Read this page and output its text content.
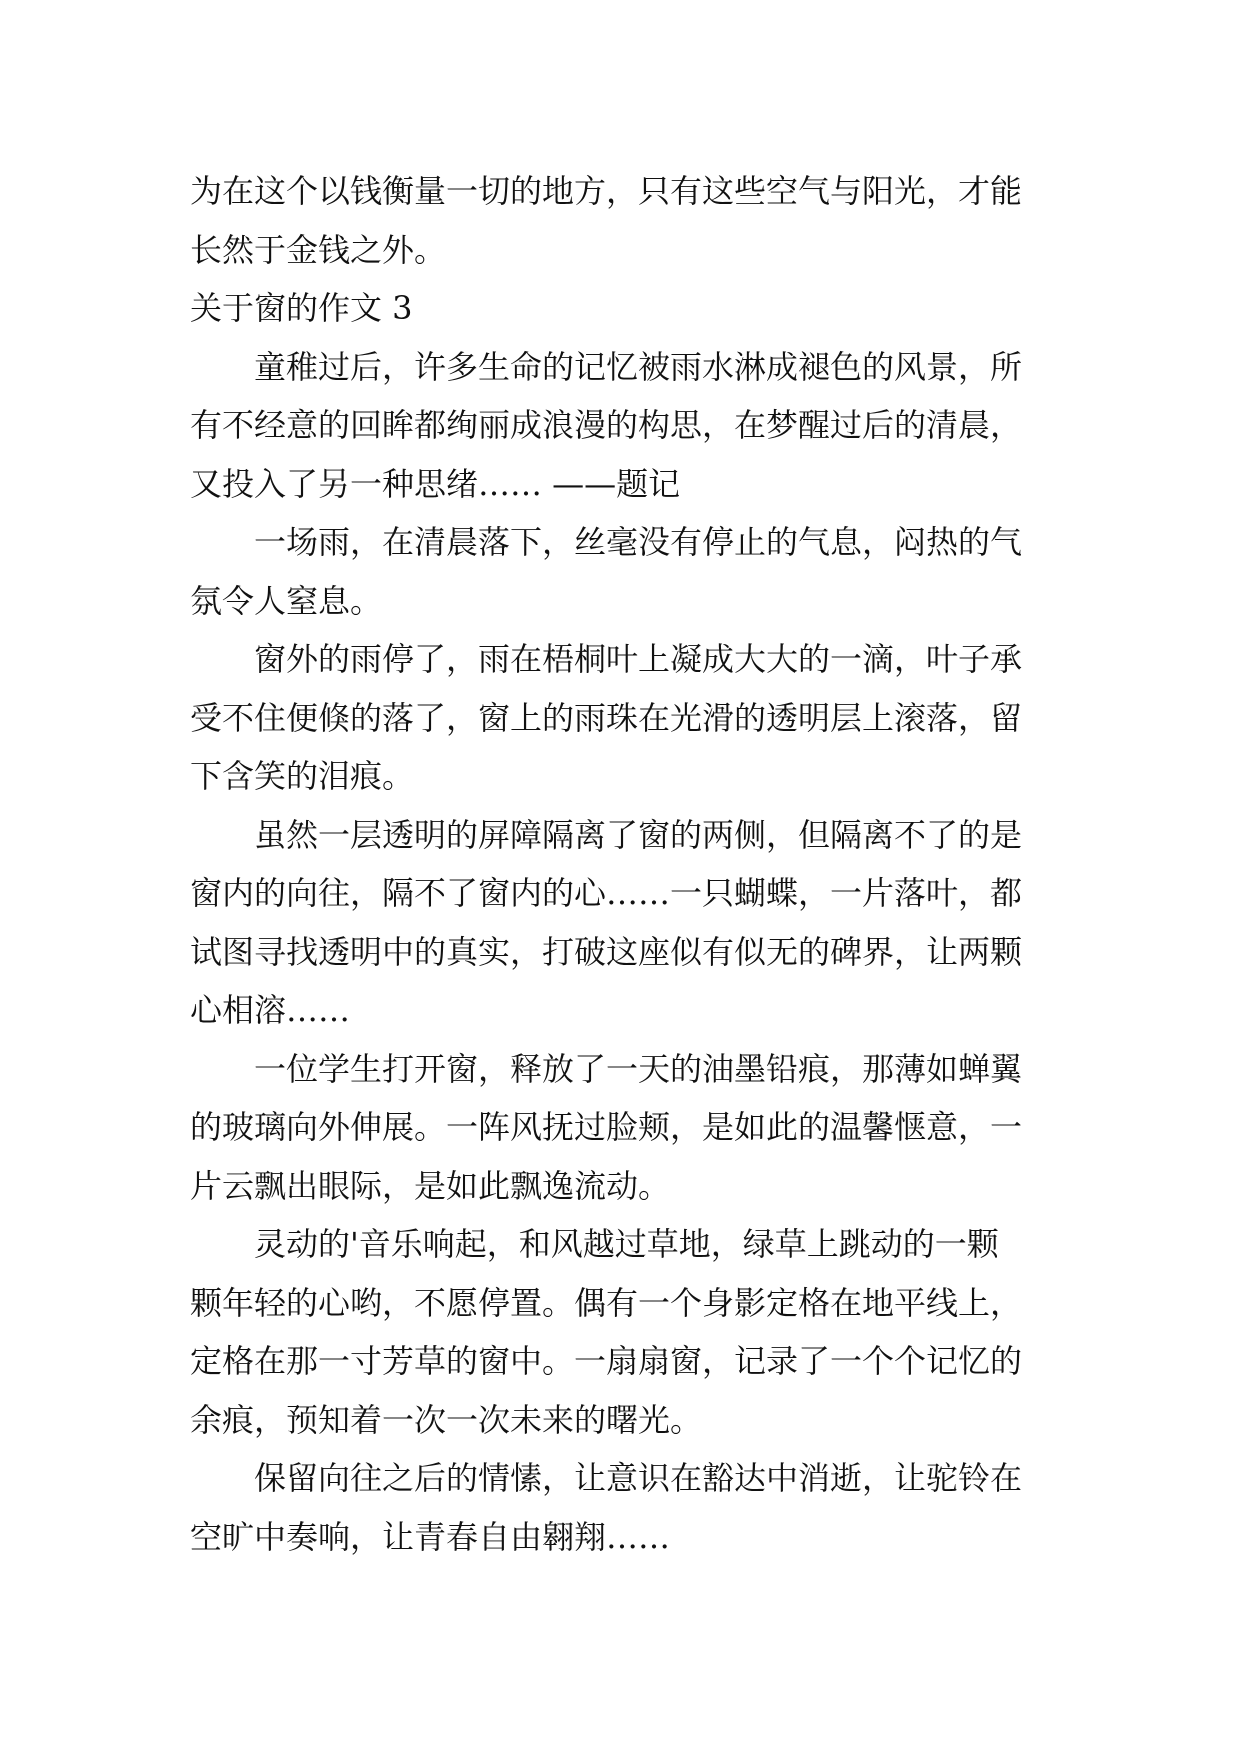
为在这个以钱衡量一切的地方，只有这些空气与阳光，才能
长然于金钱之外。
关于窗的作文 3
童稚过后，许多生命的记忆被雨水淋成褪色的风景，所
有不经意的回眸都绚丽成浪漫的构思，在梦醒过后的清晨，
又投入了另一种思绪…… ——题记
一场雨，在清晨落下，丝毫没有停止的气息，闷热的气
氛令人窒息。
窗外的雨停了，雨在梧桐叶上凝成大大的一滴，叶子承
受不住便倏的落了，窗上的雨珠在光滑的透明层上滚落，留
下含笑的泪痕。
虽然一层透明的屏障隔离了窗的两侧，但隔离不了的是
窗内的向往，隔不了窗内的心……一只蝴蝶，一片落叶，都
试图寻找透明中的真实，打破这座似有似无的碑界，让两颗
心相溶……
一位学生打开窗，释放了一天的油墨铅痕，那薄如蝉翼
的玻璃向外伸展。一阵风抚过脸颊，是如此的温馨惬意，一
片云飘出眼际，是如此飘逸流动。
灵动的'音乐响起，和风越过草地，绿草上跳动的一颗
颗年轻的心哟，不愿停置。偶有一个身影定格在地平线上，
定格在那一寸芳草的窗中。一扇扇窗，记录了一个个记忆的
余痕，预知着一次一次未来的曙光。
保留向往之后的情愫，让意识在豁达中消逝，让驼铃在
空旷中奏响，让青春自由翱翔……
